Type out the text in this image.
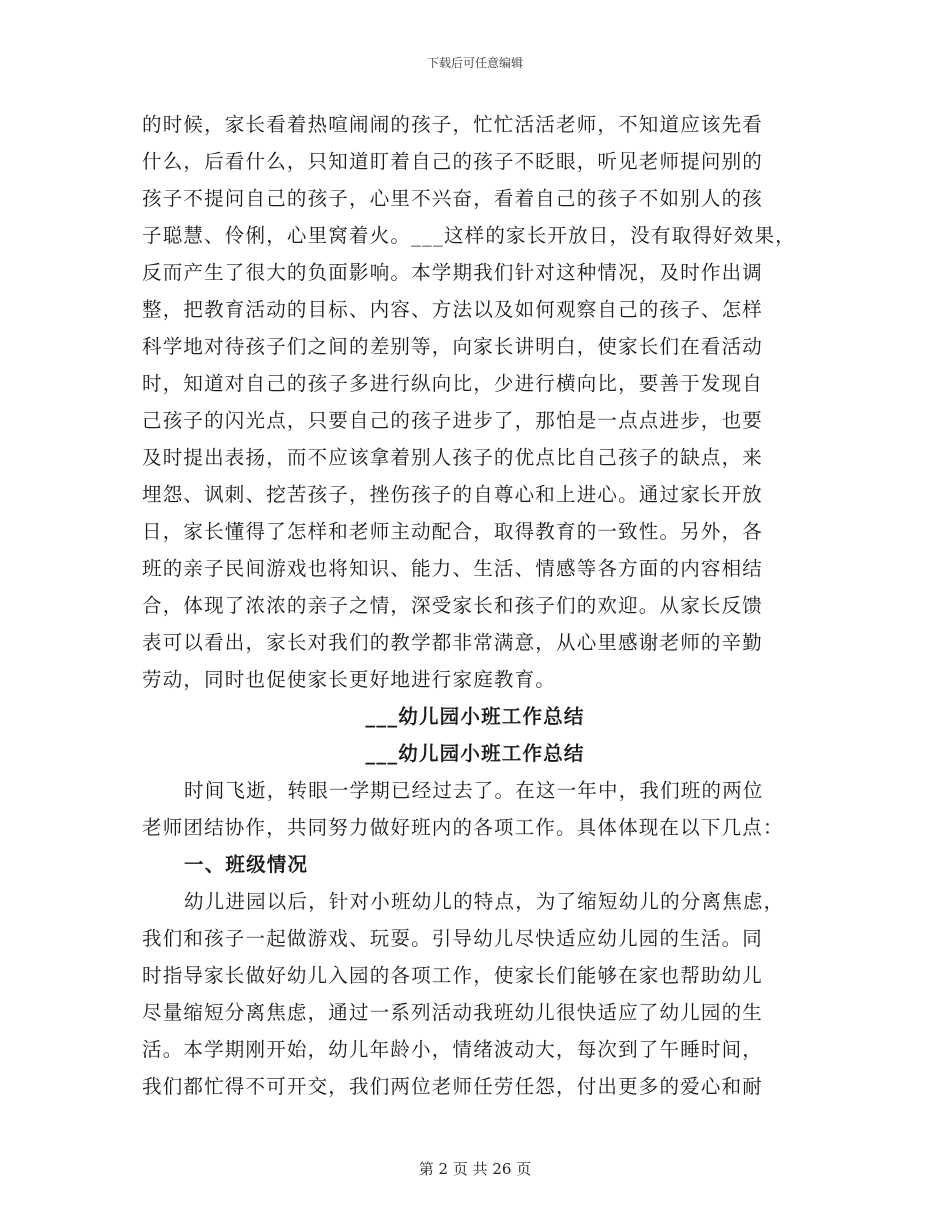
下载后可任意编辑
的时候，家长看着热喧闹闹的孩子，忙忙活活老师，不知道应该先看
什么，后看什么，只知道盯着自己的孩子不眨眼，听见老师提问别的
孩子不提问自己的孩子，心里不兴奋，看着自己的孩子不如别人的孩
子聪慧、伶俐，心里窝着火。___这样的家长开放日，没有取得好效果，
反而产生了很大的负面影响。本学期我们针对这种情况，及时作出调
整，把教育活动的目标、内容、方法以及如何观察自己的孩子、怎样
科学地对待孩子们之间的差别等，向家长讲明白，使家长们在看活动
时，知道对自己的孩子多进行纵向比，少进行横向比，要善于发现自
己孩子的闪光点，只要自己的孩子进步了，那怕是一点点进步，也要
及时提出表扬，而不应该拿着别人孩子的优点比自己孩子的缺点，来
埋怨、讽刺、挖苦孩子，挫伤孩子的自尊心和上进心。通过家长开放
日，家长懂得了怎样和老师主动配合，取得教育的一致性。另外，各
班的亲子民间游戏也将知识、能力、生活、情感等各方面的内容相结
合，体现了浓浓的亲子之情，深受家长和孩子们的欢迎。从家长反馈
表可以看出，家长对我们的教学都非常满意，从心里感谢老师的辛勤
劳动，同时也促使家长更好地进行家庭教育。
___幼儿园小班工作总结
___幼儿园小班工作总结
时间飞逝，转眼一学期已经过去了。在这一年中，我们班的两位
老师团结协作，共同努力做好班内的各项工作。具体体现在以下几点：
一、班级情况
幼儿进园以后，针对小班幼儿的特点，为了缩短幼儿的分离焦虑，
我们和孩子一起做游戏、玩耍。引导幼儿尽快适应幼儿园的生活。同
时指导家长做好幼儿入园的各项工作，使家长们能够在家也帮助幼儿
尽量缩短分离焦虑，通过一系列活动我班幼儿很快适应了幼儿园的生
活。本学期刚开始，幼儿年龄小，情绪波动大，每次到了午睡时间，
我们都忙得不可开交，我们两位老师任劳任怨，付出更多的爱心和耐
第 2 页 共 26 页
